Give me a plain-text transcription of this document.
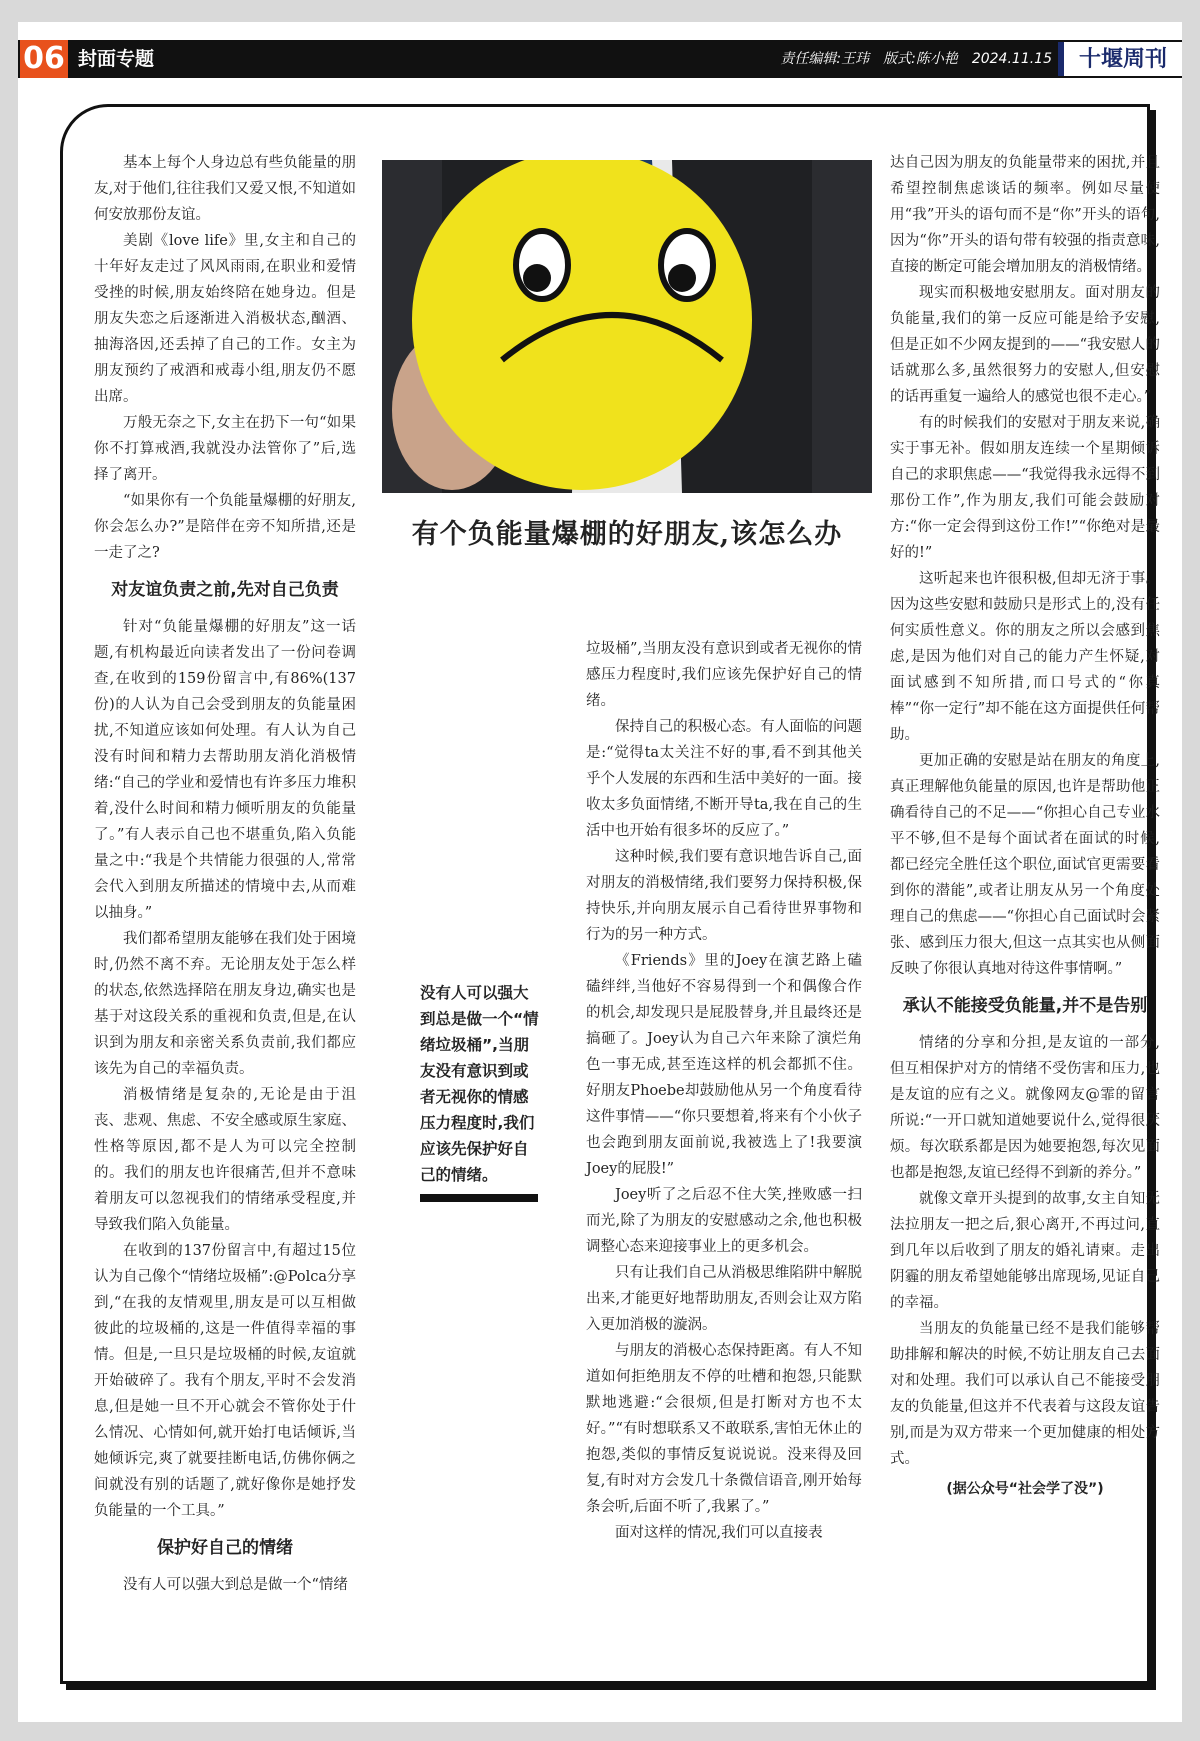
06 封面专题	责任编辑:王玮　版式:陈小艳　2024.11.15	十堰周刊

基本上每个人身边总有些负能量的朋友,对于他们,往往我们又爱又恨,不知道如何安放那份友谊。

美剧《love life》里,女主和自己的十年好友走过了风风雨雨,在职业和爱情受挫的时候,朋友始终陪在她身边。但是朋友失恋之后逐渐进入消极状态,酗酒、抽海洛因,还丢掉了自己的工作。女主为朋友预约了戒酒和戒毒小组,朋友仍不愿出席。

万般无奈之下,女主在扔下一句“如果你不打算戒酒,我就没办法管你了”后,选择了离开。

“如果你有一个负能量爆棚的好朋友,你会怎么办?”是陪伴在旁不知所措,还是一走了之?

对友谊负责之前,先对自己负责

针对“负能量爆棚的好朋友”这一话题,有机构最近向读者发出了一份问卷调查,在收到的159份留言中,有86%(137份)的人认为自己会受到朋友的负能量困扰,不知道应该如何处理。有人认为自己没有时间和精力去帮助朋友消化消极情绪:“自己的学业和爱情也有许多压力堆积着,没什么时间和精力倾听朋友的负能量了。”有人表示自己也不堪重负,陷入负能量之中:“我是个共情能力很强的人,常常会代入到朋友所描述的情境中去,从而难以抽身。”

我们都希望朋友能够在我们处于困境时,仍然不离不弃。无论朋友处于怎么样的状态,依然选择陪在朋友身边,确实也是基于对这段关系的重视和负责,但是,在认识到为朋友和亲密关系负责前,我们都应该先为自己的幸福负责。

消极情绪是复杂的,无论是由于沮丧、悲观、焦虑、不安全感或原生家庭、性格等原因,都不是人为可以完全控制的。我们的朋友也许很痛苦,但并不意味着朋友可以忽视我们的情绪承受程度,并导致我们陷入负能量。

在收到的137份留言中,有超过15位认为自己像个“情绪垃圾桶”:@Polca分享到,“在我的友情观里,朋友是可以互相做彼此的垃圾桶的,这是一件值得幸福的事情。但是,一旦只是垃圾桶的时候,友谊就开始破碎了。我有个朋友,平时不会发消息,但是她一旦不开心就会不管你处于什么情况、心情如何,就开始打电话倾诉,当她倾诉完,爽了就要挂断电话,仿佛你俩之间就没有别的话题了,就好像你是她抒发负能量的一个工具。”

保护好自己的情绪

没有人可以强大到总是做一个“情绪

有个负能量爆棚的好朋友,该怎么办
没有人可以强大到总是做一个“情绪垃圾桶”,当朋友没有意识到或者无视你的情感压力程度时,我们应该先保护好自己的情绪。

垃圾桶”,当朋友没有意识到或者无视你的情感压力程度时,我们应该先保护好自己的情绪。

保持自己的积极心态。有人面临的问题是:“觉得ta太关注不好的事,看不到其他关乎个人发展的东西和生活中美好的一面。接收太多负面情绪,不断开导ta,我在自己的生活中也开始有很多坏的反应了。”

这种时候,我们要有意识地告诉自己,面对朋友的消极情绪,我们要努力保持积极,保持快乐,并向朋友展示自己看待世界事物和行为的另一种方式。

《Friends》里的Joey在演艺路上磕磕绊绊,当他好不容易得到一个和偶像合作的机会,却发现只是屁股替身,并且最终还是搞砸了。Joey认为自己六年来除了演烂角色一事无成,甚至连这样的机会都抓不住。好朋友Phoebe却鼓励他从另一个角度看待这件事情——“你只要想着,将来有个小伙子也会跑到朋友面前说,我被选上了!我要演Joey的屁股!”

Joey听了之后忍不住大笑,挫败感一扫而光,除了为朋友的安慰感动之余,他也积极调整心态来迎接事业上的更多机会。

只有让我们自己从消极思维陷阱中解脱出来,才能更好地帮助朋友,否则会让双方陷入更加消极的漩涡。

与朋友的消极心态保持距离。有人不知道如何拒绝朋友不停的吐槽和抱怨,只能默默地逃避:“会很烦,但是打断对方也不太好。”“有时想联系又不敢联系,害怕无休止的抱怨,类似的事情反复说说说。没来得及回复,有时对方会发几十条微信语音,刚开始每条会听,后面不听了,我累了。”

面对这样的情况,我们可以直接表

达自己因为朋友的负能量带来的困扰,并且希望控制焦虑谈话的频率。例如尽量使用“我”开头的语句而不是“你”开头的语句,因为“你”开头的语句带有较强的指责意味,直接的断定可能会增加朋友的消极情绪。

现实而积极地安慰朋友。面对朋友的负能量,我们的第一反应可能是给予安慰,但是正如不少网友提到的——“我安慰人的话就那么多,虽然很努力的安慰人,但安慰的话再重复一遍给人的感觉也很不走心。”

有的时候我们的安慰对于朋友来说,确实于事无补。假如朋友连续一个星期倾诉自己的求职焦虑——“我觉得我永远得不到那份工作”,作为朋友,我们可能会鼓励对方:“你一定会得到这份工作!”“你绝对是最好的!”

这听起来也许很积极,但却无济于事。因为这些安慰和鼓励只是形式上的,没有任何实质性意义。你的朋友之所以会感到焦虑,是因为他们对自己的能力产生怀疑,对面试感到不知所措,而口号式的“你真棒”“你一定行”却不能在这方面提供任何帮助。

更加正确的安慰是站在朋友的角度上,真正理解他负能量的原因,也许是帮助他正确看待自己的不足——“你担心自己专业水平不够,但不是每个面试者在面试的时候,都已经完全胜任这个职位,面试官更需要看到你的潜能”,或者让朋友从另一个角度处理自己的焦虑——“你担心自己面试时会紧张、感到压力很大,但这一点其实也从侧面反映了你很认真地对待这件事情啊。”

承认不能接受负能量,并不是告别

情绪的分享和分担,是友谊的一部分,但互相保护对方的情绪不受伤害和压力,也是友谊的应有之义。就像网友@霏的留言所说:“一开口就知道她要说什么,觉得很厌烦。每次联系都是因为她要抱怨,每次见面也都是抱怨,友谊已经得不到新的养分。”

就像文章开头提到的故事,女主自知无法拉朋友一把之后,狠心离开,不再过问,直到几年以后收到了朋友的婚礼请柬。走出阴霾的朋友希望她能够出席现场,见证自己的幸福。

当朋友的负能量已经不是我们能够帮助排解和解决的时候,不妨让朋友自己去面对和处理。我们可以承认自己不能接受朋友的负能量,但这并不代表着与这段友谊告别,而是为双方带来一个更加健康的相处方式。

(据公众号“社会学了没”)
